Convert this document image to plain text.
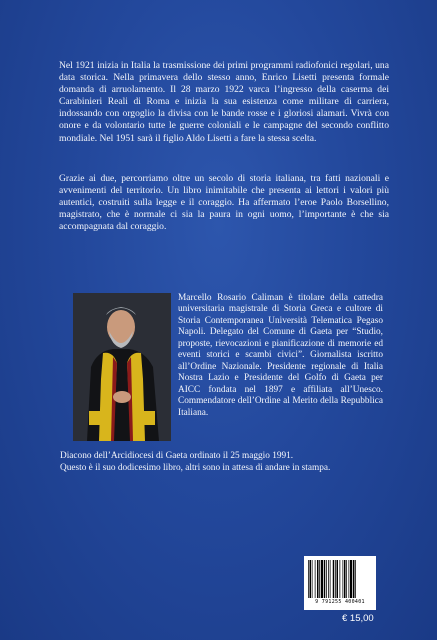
Nel 1921 inizia in Italia la trasmissione dei primi programmi radiofonici regolari, una data storica. Nella primavera dello stesso anno, Enrico Lisetti presenta formale domanda di arruolamento. Il 28 marzo 1922 varca l’ingresso della caserma dei Carabinieri Reali di Roma e inizia la sua esistenza come militare di carriera, indossando con orgoglio la divisa con le bande rosse e i gloriosi alamari. Vivrà con onore e da volontario tutte le guerre coloniali e le campagne del secondo conflitto mondiale. Nel 1951 sarà il figlio Aldo Lisetti a fare la stessa scelta.

Grazie ai due, percorriamo oltre un secolo di storia italiana, tra fatti nazionali e avvenimenti del territorio. Un libro inimitabile che presenta ai lettori i valori più autentici, costruiti sulla legge e il coraggio. Ha affermato l’eroe Paolo Borsellino, magistrato, che è normale ci sia la paura in ogni uomo, l’importante è che sia accompagnata dal coraggio.

Marcello Rosario Caliman è titolare della cattedra universitaria magistrale di Storia Greca e cultore di Storia Contemporanea Università Telematica Pegaso Napoli. Delegato del Comune di Gaeta per “Studio, proposte, rievocazioni e pianificazione di memorie ed eventi storici e scambi civici”. Giornalista iscritto all’Ordine Nazionale. Presidente regionale di Italia Nostra Lazio e Presidente del Golfo di Gaeta per AICC fondata nel 1897 e affiliata all’Unesco. Commendatore dell’Ordine al Merito della Repubblica Italiana.

Diacono dell’Arcidiocesi di Gaeta ordinato il 25 maggio 1991.
Questo è il suo dodicesimo libro, altri sono in attesa di andare in stampa.
9 791255 400401
€ 15,00
